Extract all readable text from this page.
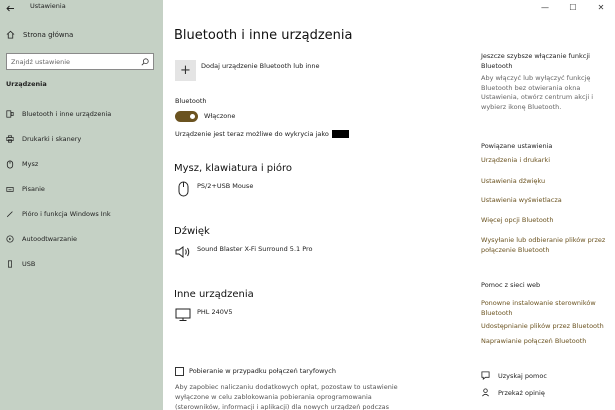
Ustawienia
Strona główna
Znajdź ustawienie
Urządzenia
Bluetooth i inne urządzenia
Drukarki i skanery
Mysz
Pisanie
Pióro i funkcja Windows Ink
Autoodtwarzanie
USB
Bluetooth i inne urządzenia
+ Dodaj urządzenie Bluetooth lub inne
Bluetooth
Włączone
Urządzenie jest teraz możliwe do wykrycia jako
Mysz, klawiatura i pióro
PS/2+USB Mouse
Dźwięk
Sound Blaster X-Fi Surround 5.1 Pro
Inne urządzenia
PHL 240V5
Pobieranie w przypadku połączeń taryfowych
Aby zapobiec naliczaniu dodatkowych opłat, pozostaw to ustawienie wyłączone w celu zablokowania pobierania oprogramowania (sterowników, informacji i aplikacji) dla nowych urządzeń podczas
—	☐	✕
Jeszcze szybsze włączanie funkcji Bluetooth
Aby włączyć lub wyłączyć funkcję Bluetooth bez otwierania okna Ustawienia, otwórz centrum akcji i wybierz ikonę Bluetooth.
Powiązane ustawienia
Urządzenia i drukarki
Ustawienia dźwięku
Ustawienia wyświetlacza
Więcej opcji Bluetooth
Wysyłanie lub odbieranie plików przez połączenie Bluetooth
Pomoc z sieci web
Ponowne instalowanie sterowników Bluetooth
Udostępnianie plików przez Bluetooth
Naprawianie połączeń Bluetooth
Uzyskaj pomoc
Przekaż opinię
